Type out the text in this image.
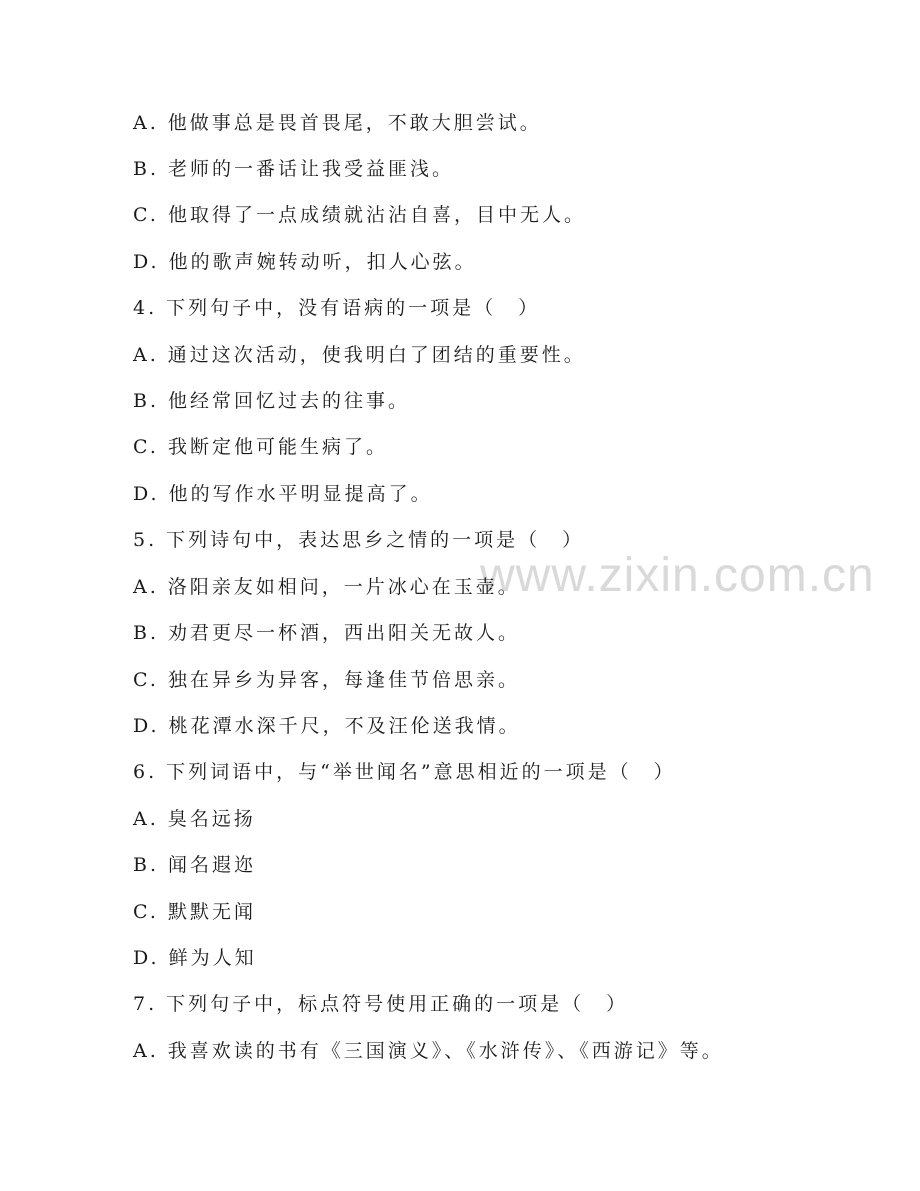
www.zixin.com.cn
A. 他做事总是畏首畏尾，不敢大胆尝试。
B. 老师的一番话让我受益匪浅。
C. 他取得了一点成绩就沾沾自喜，目中无人。
D. 他的歌声婉转动听，扣人心弦。
4. 下列句子中，没有语病的一项是（　）
A. 通过这次活动，使我明白了团结的重要性。
B. 他经常回忆过去的往事。
C. 我断定他可能生病了。
D. 他的写作水平明显提高了。
5. 下列诗句中，表达思乡之情的一项是（　）
A. 洛阳亲友如相问，一片冰心在玉壶。
B. 劝君更尽一杯酒，西出阳关无故人。
C. 独在异乡为异客，每逢佳节倍思亲。
D. 桃花潭水深千尺，不及汪伦送我情。
6. 下列词语中，与“举世闻名”意思相近的一项是（　）
A. 臭名远扬
B. 闻名遐迩
C. 默默无闻
D. 鲜为人知
7. 下列句子中，标点符号使用正确的一项是（　）
A. 我喜欢读的书有《三国演义》、《水浒传》、《西游记》等。
